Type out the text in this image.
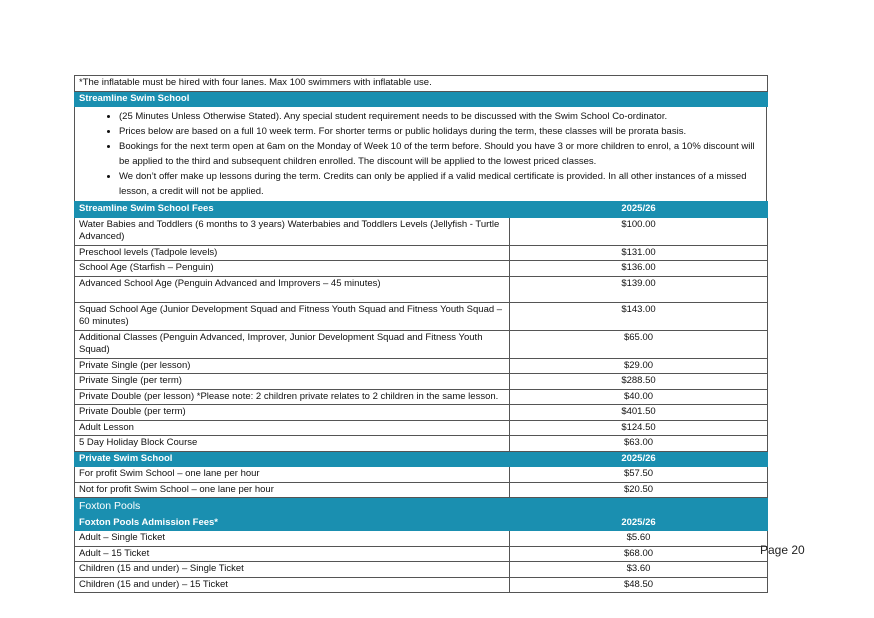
*The inflatable must be hired with four lanes. Max 100 swimmers with inflatable use.	
Streamline Swim School
• (25 Minutes Unless Otherwise Stated). Any special student requirement needs to be discussed with the Swim School Co-ordinator.
• Prices below are based on a full 10 week term. For shorter terms or public holidays during the term, these classes will be prorata basis.
• Bookings for the next term open at 6am on the Monday of Week 10 of the term before. Should you have 3 or more children to enrol, a 10% discount will be applied to the third and subsequent children enrolled. The discount will be applied to the lowest priced classes.
• We don’t offer make up lessons during the term. Credits can only be applied if a valid medical certificate is provided. In all other instances of a missed lesson, a credit will not be applied.
Streamline Swim School Fees	2025/26
Water Babies and Toddlers (6 months to 3 years) Waterbabies and Toddlers Levels (Jellyfish - Turtle Advanced)	$100.00
Preschool levels (Tadpole levels)	$131.00
School Age (Starfish – Penguin)	$136.00
Advanced School Age (Penguin Advanced and Improvers – 45 minutes)	$139.00
Squad School Age (Junior Development Squad and Fitness Youth Squad and Fitness Youth Squad – 60 minutes)	$143.00
Additional Classes (Penguin Advanced, Improver, Junior Development Squad and Fitness Youth Squad)	$65.00
Private Single (per lesson)	$29.00
Private Single (per term)	$288.50
Private Double (per lesson) *Please note: 2 children private relates to 2 children in the same lesson.	$40.00
Private Double (per term)	$401.50
Adult Lesson	$124.50
5 Day Holiday Block Course	$63.00
Private Swim School	2025/26
For profit Swim School – one lane per hour	$57.50
Not for profit Swim School – one lane per hour	$20.50
Foxton Pools	
Foxton Pools Admission Fees*	2025/26
Adult – Single Ticket	$5.60
Adult – 15 Ticket	$68.00
Children (15 and under) – Single Ticket	$3.60
Children (15 and under) – 15 Ticket	$48.50
Page 20
